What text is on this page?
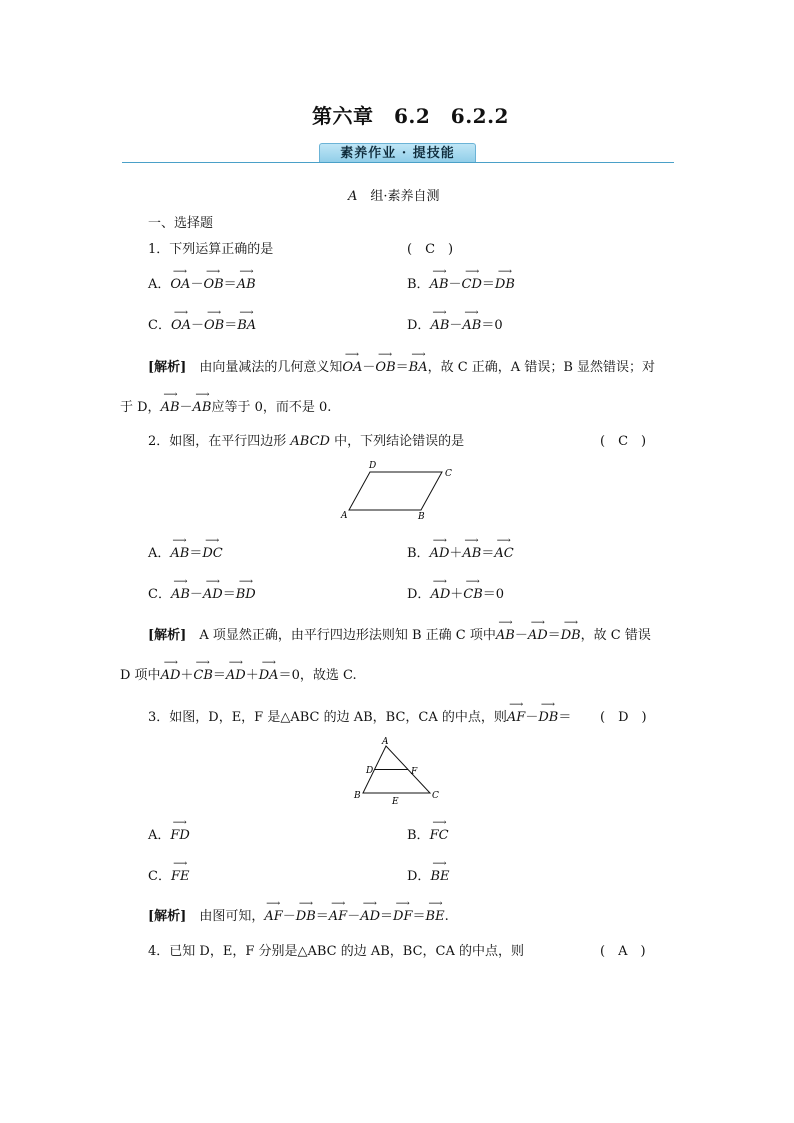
第六章　6.2　6.2.2
素养作业 · 提技能
A　 组·素养自测
一、选择题
1．下列运算正确的是	(　C　)
A．OA ⟶－OB ⟶＝AB ⟶	B．AB ⟶－CD ⟶＝DB ⟶
C．OA ⟶－OB ⟶＝BA ⟶	D．AB ⟶－AB ⟶＝0
[解析]　 由向量减法的几何意义知OA ⟶－OB ⟶＝BA ⟶，故 C 正确，A 错误；B 显然错误；对
于 D，AB ⟶－AB ⟶应等于 0，而不是 0.
2．如图，在平行四边形 ABCD 中，下列结论错误的是	(　C　)
D
C
A	B
A．AB ⟶＝DC ⟶	B．AD ⟶＋AB ⟶＝AC ⟶
C．AB ⟶－AD ⟶＝BD ⟶	D．AD ⟶＋CB ⟶＝0
[解析]　 A 项显然正确，由平行四边形法则知 B 正确 C 项中AB ⟶－AD ⟶＝DB ⟶，故 C 错误
D 项中AD ⟶＋CB ⟶＝AD ⟶＋DA ⟶＝0，故选 C.
3．如图，D，E，F 是△ABC 的边 AB，BC，CA 的中点，则AF ⟶－DB ⟶＝ (　D　)
A
D	F
B
E
C
A．FD ⟶	B．FC ⟶
C．FE ⟶	D．BE ⟶
[解析]　 由图可知，AF ⟶－DB ⟶＝AF ⟶－AD ⟶＝DF ⟶＝BE ⟶.
4．已知 D，E，F 分别是△ABC 的边 AB，BC，CA 的中点，则	(　A　)
